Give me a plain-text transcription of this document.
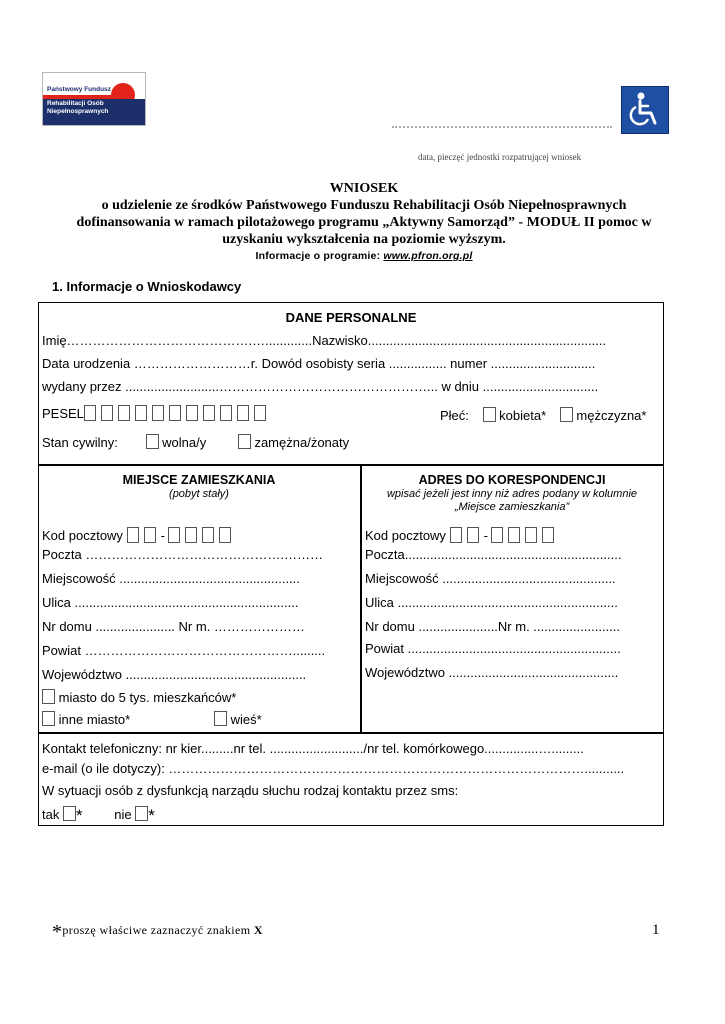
Państwowy Fundusz
Rehabilitacji Osób Niepełnosprawnych
data, pieczęć jednostki rozpatrującej wniosek
WNIOSEK
o udzielenie ze środków Państwowego Funduszu Rehabilitacji Osób Niepełnosprawnych
dofinansowania w ramach pilotażowego programu „Aktywny Samorząd” - MODUŁ II pomoc w
uzyskaniu wykształcenia na poziomie wyższym.
Informacje o programie: www.pfron.org.pl
1. Informacje o Wnioskodawcy
DANE PERSONALNE
Imię…………………………………….….............Nazwisko..................................................................
Data urodzenia ………………………r. Dowód osobisty seria ................ numer .............................
wydany przez ..........................…………………………………………... w dniu ................................
PESEL	Płeć: kobieta* mężczyzna*
Stan cywilny:	wolna/y	zamężna/żonaty
MIEJSCE ZAMIESZKANIA
(pobyt stały)
ADRES DO KORESPONDENCJI
wpisać jeżeli jest inny niż adres podany w kolumnie
„Miejsce zamieszkania”
Kod pocztowy	-
Poczta ……………………………………….………
Miejscowość ..................................................
Ulica ..............................................................
Nr domu ...................... Nr m. …………………
Powiat ………………………………………….........
Województwo ..................................................
miasto do 5 tys. mieszkańców*
inne miasto*	wieś*
Kod pocztowy	-
Poczta............................................................
Miejscowość ................................................
Ulica .............................................................
Nr domu ......................Nr m. ........................
Powiat ...........................................................
Województwo ...............................................
Kontakt telefoniczny: nr kier.........nr tel. ........................../nr tel. komórkowego...............….........
e-mail (o ile dotyczy): ……………………………………………………………………………………...........
W sytuacji osób z dysfunkcją narządu słuchu rodzaj kontaktu przez sms:
tak * nie *
*proszę właściwe zaznaczyć znakiem X	1
